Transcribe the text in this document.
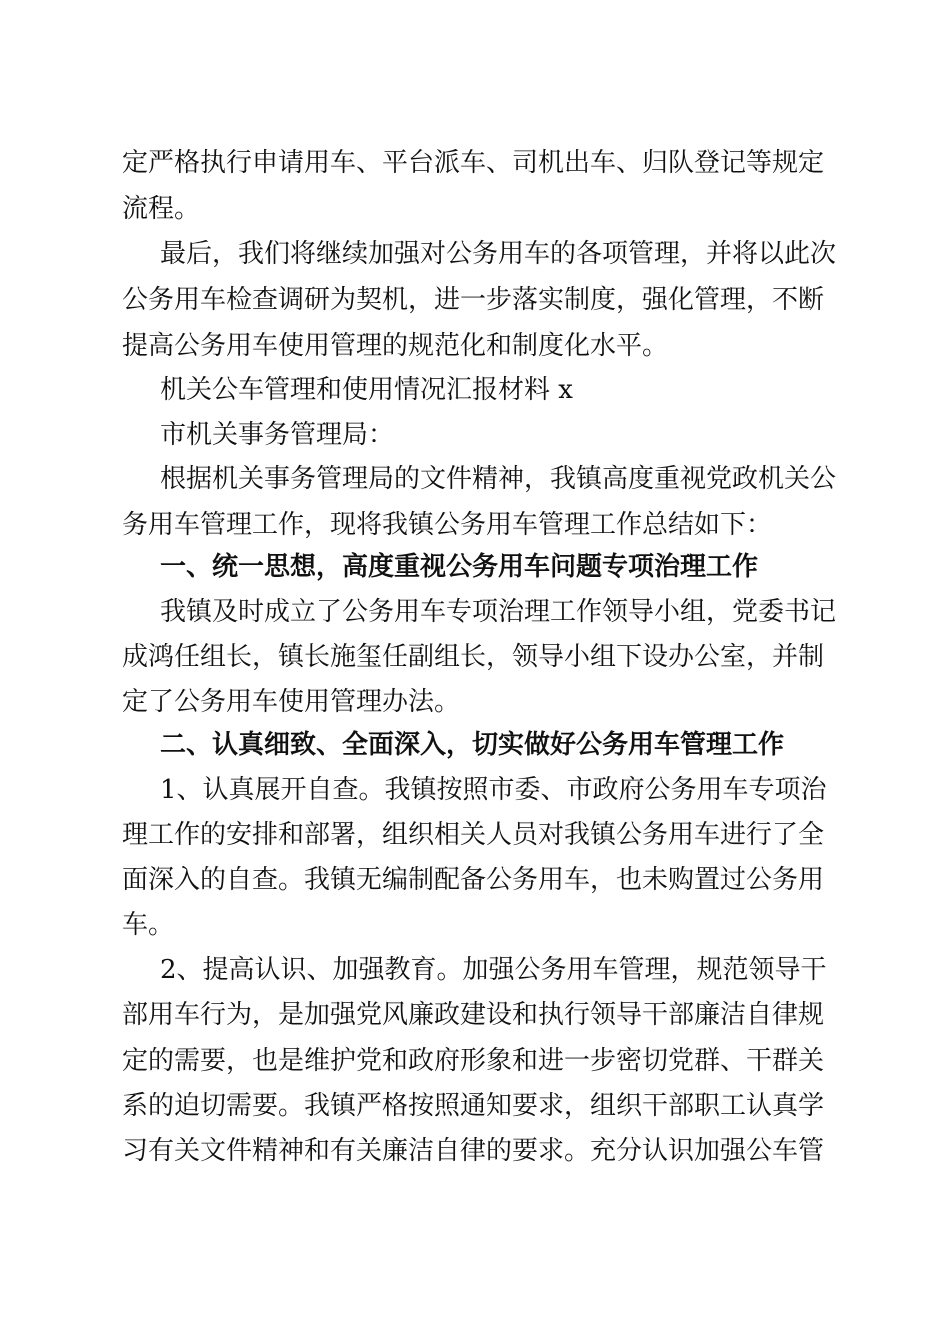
定严格执行申请用车、平台派车、司机出车、归队登记等规定
流程。
最后，我们将继续加强对公务用车的各项管理，并将以此次
公务用车检查调研为契机，进一步落实制度，强化管理，不断
提高公务用车使用管理的规范化和制度化水平。
机关公车管理和使用情况汇报材料 x
市机关事务管理局：
根据机关事务管理局的文件精神，我镇高度重视党政机关公
务用车管理工作，现将我镇公务用车管理工作总结如下：
一、统一思想，高度重视公务用车问题专项治理工作
我镇及时成立了公务用车专项治理工作领导小组，党委书记
成鸿任组长，镇长施玺任副组长，领导小组下设办公室，并制
定了公务用车使用管理办法。
二、认真细致、全面深入，切实做好公务用车管理工作
1、认真展开自查。我镇按照市委、市政府公务用车专项治
理工作的安排和部署，组织相关人员对我镇公务用车进行了全
面深入的自查。我镇无编制配备公务用车，也未购置过公务用
车。
2、提高认识、加强教育。加强公务用车管理，规范领导干
部用车行为，是加强党风廉政建设和执行领导干部廉洁自律规
定的需要，也是维护党和政府形象和进一步密切党群、干群关
系的迫切需要。我镇严格按照通知要求，组织干部职工认真学
习有关文件精神和有关廉洁自律的要求。充分认识加强公车管
